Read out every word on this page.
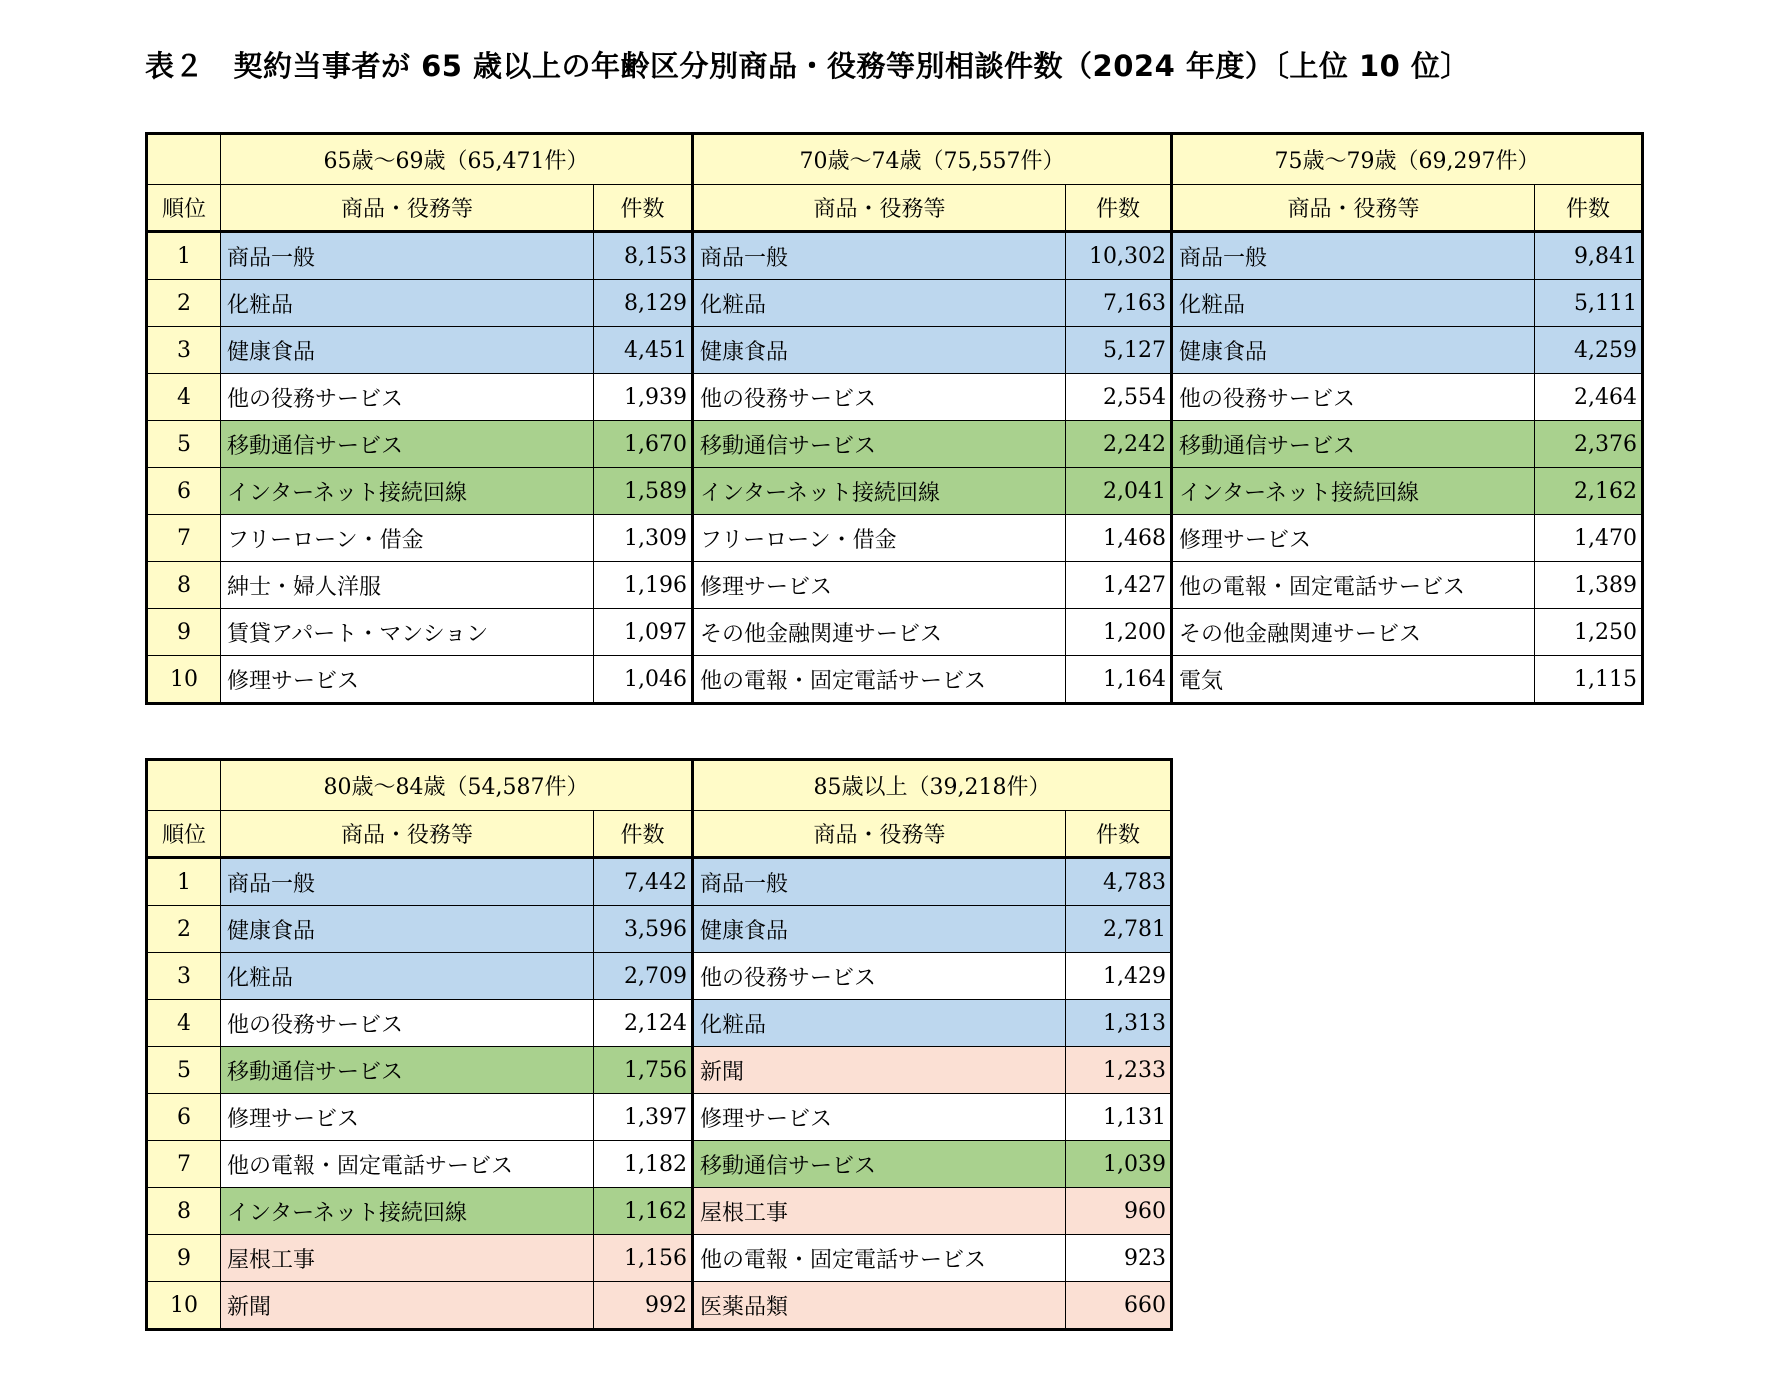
表２　契約当事者が 65 歳以上の年齢区分別商品・役務等別相談件数（2024 年度）〔上位 10 位〕
	65歳～69歳（65,471件）		70歳～74歳（75,557件）		75歳～79歳（69,297件）	
順位	商品・役務等	件数	商品・役務等	件数	商品・役務等	件数
1	商品一般	8,153	商品一般	10,302	商品一般	9,841
2	化粧品	8,129	化粧品	7,163	化粧品	5,111
3	健康食品	4,451	健康食品	5,127	健康食品	4,259
4	他の役務サービス	1,939	他の役務サービス	2,554	他の役務サービス	2,464
5	移動通信サービス	1,670	移動通信サービス	2,242	移動通信サービス	2,376
6	インターネット接続回線	1,589	インターネット接続回線	2,041	インターネット接続回線	2,162
7	フリーローン・借金	1,309	フリーローン・借金	1,468	修理サービス	1,470
8	紳士・婦人洋服	1,196	修理サービス	1,427	他の電報・固定電話サービス	1,389
9	賃貸アパート・マンション	1,097	その他金融関連サービス	1,200	その他金融関連サービス	1,250
10	修理サービス	1,046	他の電報・固定電話サービス	1,164	電気	1,115
	80歳～84歳（54,587件）		85歳以上（39,218件）	
順位	商品・役務等	件数	商品・役務等	件数
1	商品一般	7,442	商品一般	4,783
2	健康食品	3,596	健康食品	2,781
3	化粧品	2,709	他の役務サービス	1,429
4	他の役務サービス	2,124	化粧品	1,313
5	移動通信サービス	1,756	新聞	1,233
6	修理サービス	1,397	修理サービス	1,131
7	他の電報・固定電話サービス	1,182	移動通信サービス	1,039
8	インターネット接続回線	1,162	屋根工事	960
9	屋根工事	1,156	他の電報・固定電話サービス	923
10	新聞	992	医薬品類	660
